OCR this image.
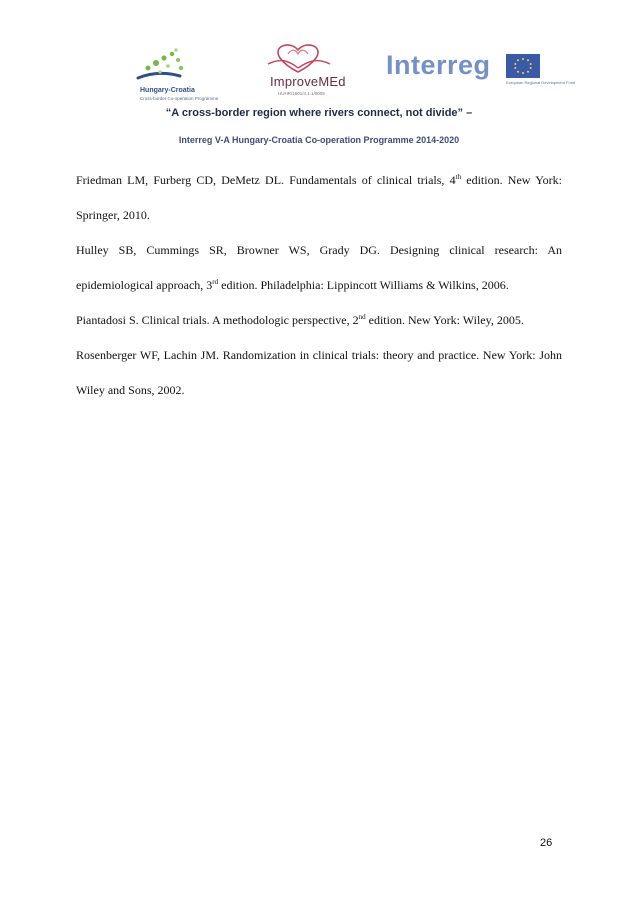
Hungary-Croatia
Cross-border Co-operation Programme
ImproveMEd
HUHR/1601/4.1.1/0009
Interreg
European Regional Development Fund
“A cross-border region where rivers connect, not divide” –
Interreg V-A Hungary-Croatia Co-operation Programme 2014-2020

Friedman LM, Furberg CD, DeMetz DL. Fundamentals of clinical trials, 4th edition. New York: Springer, 2010.

Hulley SB, Cummings SR, Browner WS, Grady DG. Designing clinical research: An epidemiological approach, 3rd edition. Philadelphia: Lippincott Williams & Wilkins, 2006.

Piantadosi S. Clinical trials. A methodologic perspective, 2nd edition. New York: Wiley, 2005.

Rosenberger WF, Lachin JM. Randomization in clinical trials: theory and practice. New York: John Wiley and Sons, 2002.

26
